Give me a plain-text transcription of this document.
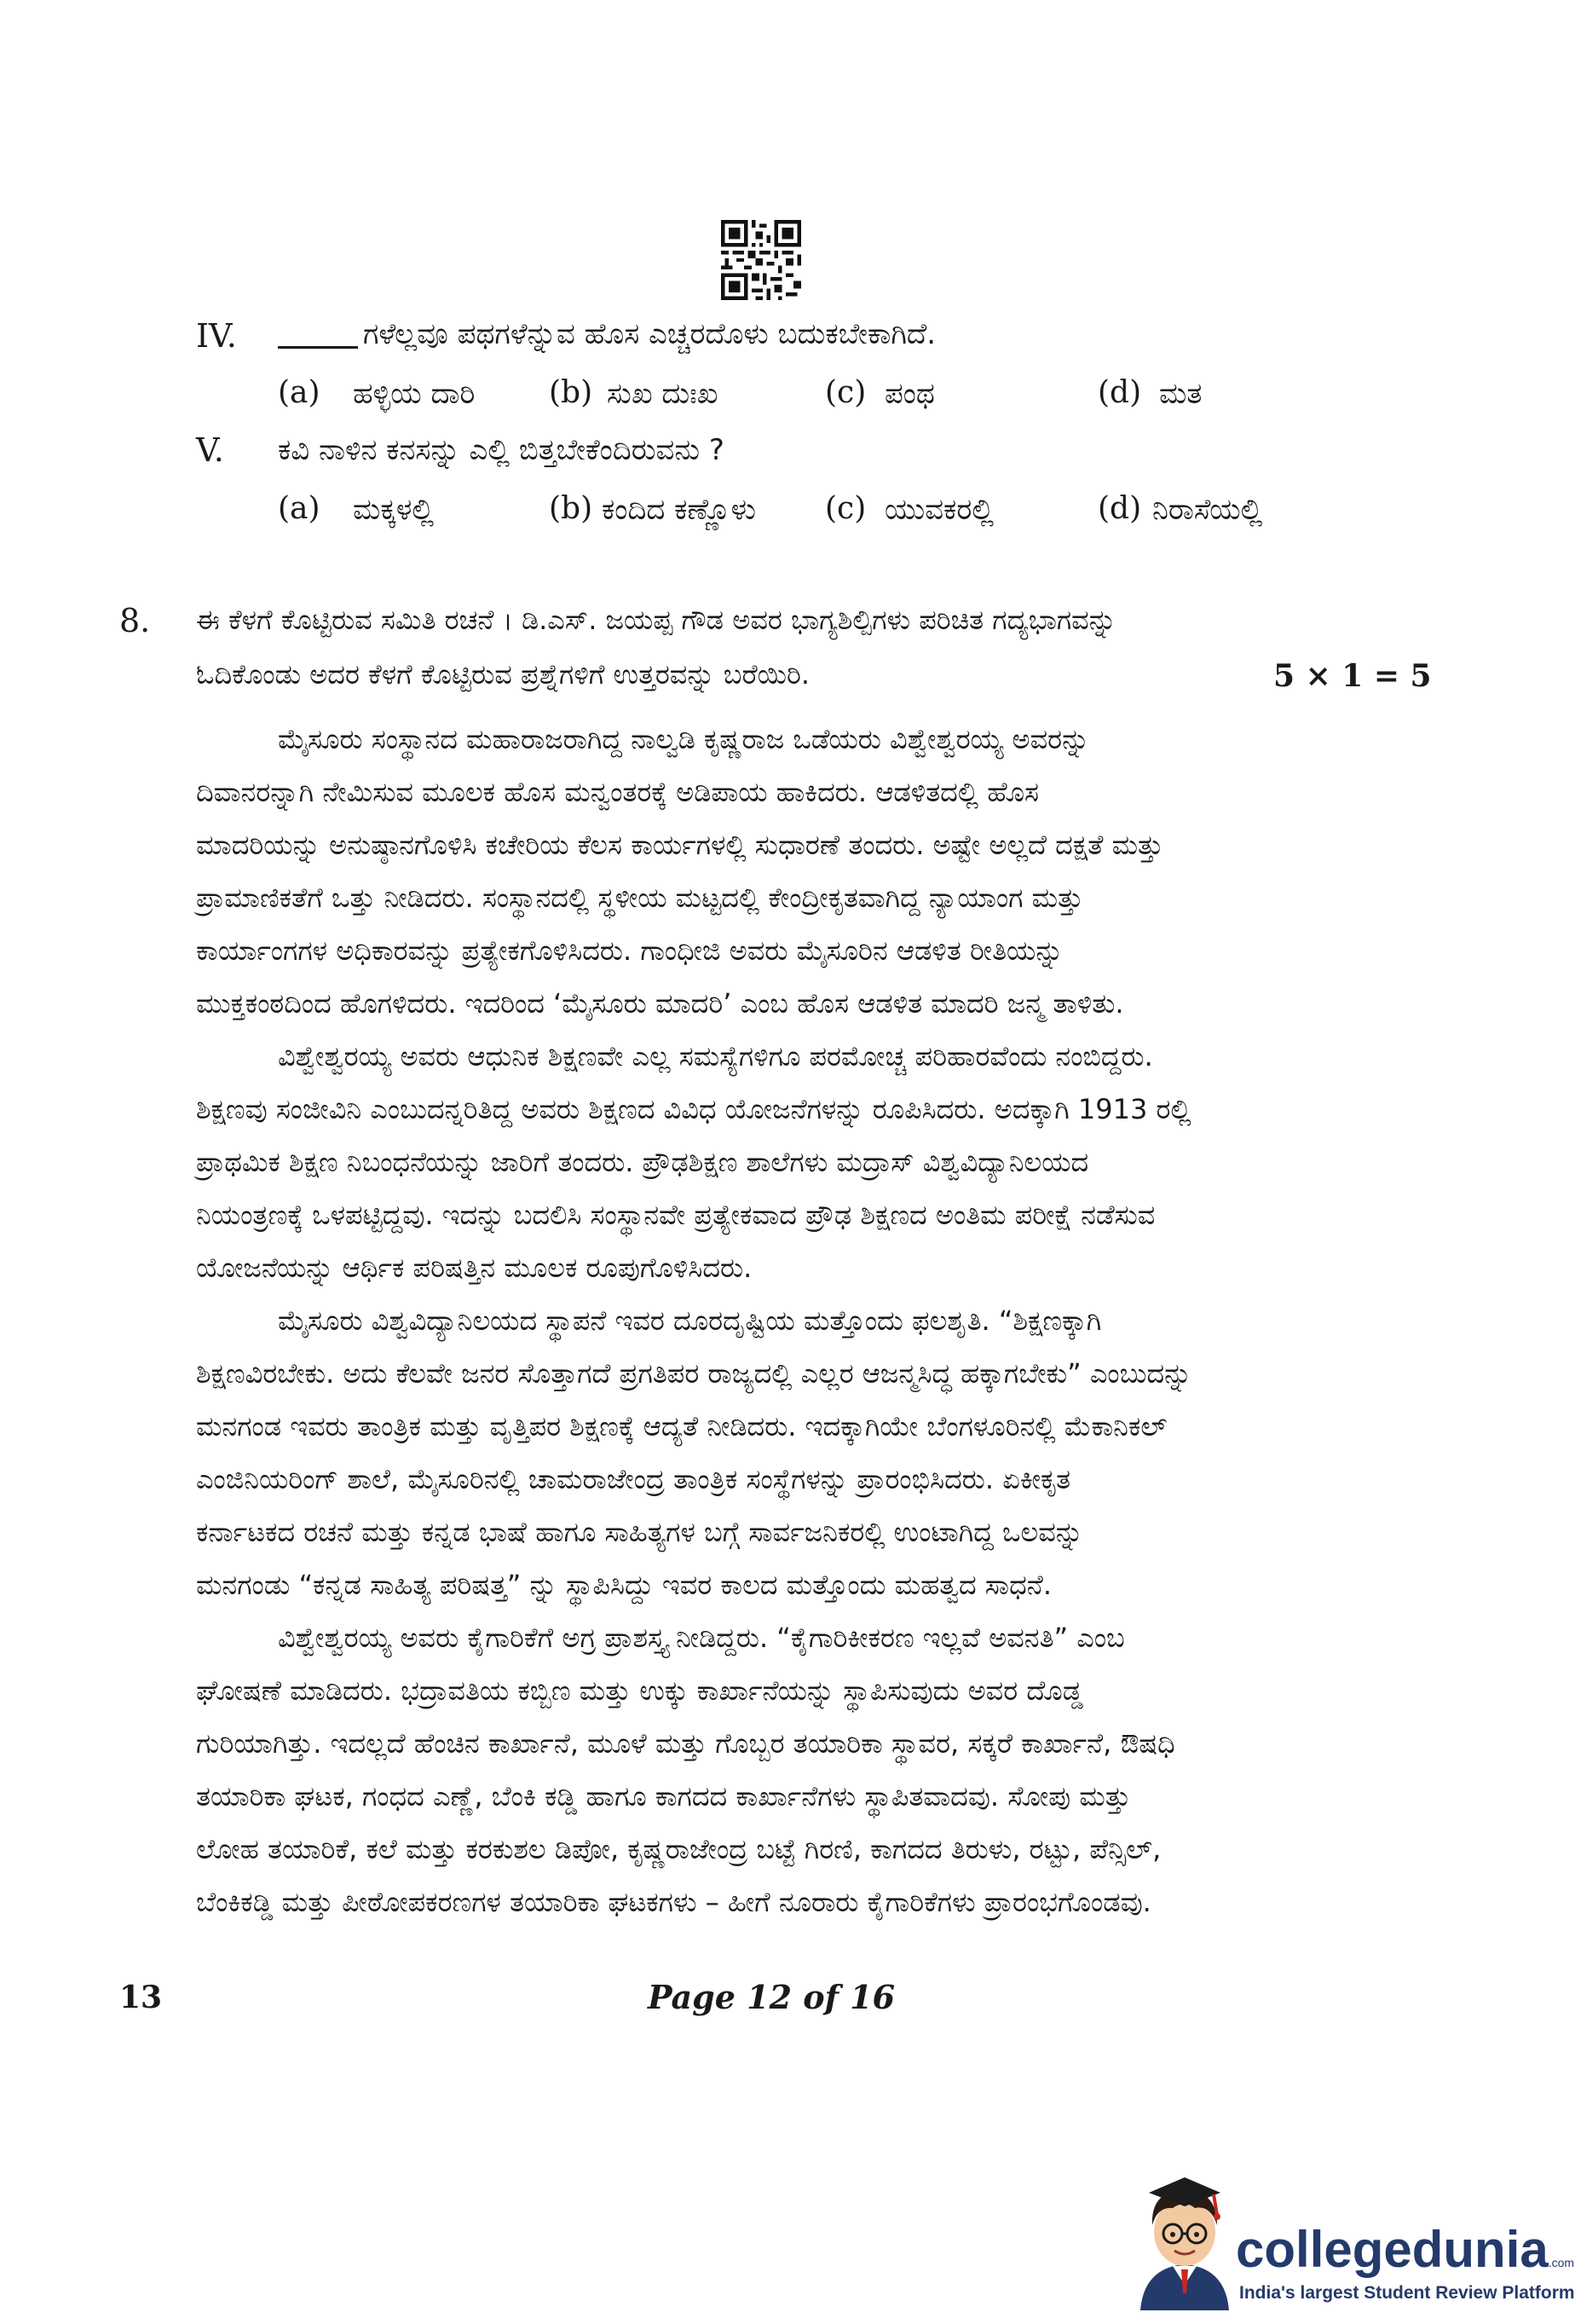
IV.	ಗಳೆಲ್ಲವೂ ಪಥಗಳೆನ್ನುವ ಹೊಸ ಎಚ್ಚರದೊಳು ಬದುಕಬೇಕಾಗಿದೆ.
(a) ಹಳ್ಳಿಯ ದಾರಿ (b) ಸುಖ ದುಃಖ	(c) ಪಂಥ	(d) ಮತ
V. ಕವಿ ನಾಳಿನ ಕನಸನ್ನು ಎಲ್ಲಿ ಬಿತ್ತಬೇಕೆಂದಿರುವನು ?
(a) ಮಕ್ಕಳಲ್ಲಿ	(b) ಕಂದಿದ ಕಣ್ಣೊಳು (c) ಯುವಕರಲ್ಲಿ	(d) ನಿರಾಸೆಯಲ್ಲಿ
8. ಈ ಕೆಳಗೆ ಕೊಟ್ಟಿರುವ ಸಮಿತಿ ರಚನೆ । ಡಿ.ಎಸ್. ಜಯಪ್ಪ ಗೌಡ ಅವರ ಭಾಗ್ಯಶಿಲ್ಪಿಗಳು ಪರಿಚಿತ ಗದ್ಯಭಾಗವನ್ನು
ಓದಿಕೊಂಡು ಅದರ ಕೆಳಗೆ ಕೊಟ್ಟಿರುವ ಪ್ರಶ್ನೆಗಳಿಗೆ ಉತ್ತರವನ್ನು ಬರೆಯಿರಿ.	5 × 1 = 5
ಮೈಸೂರು ಸಂಸ್ಥಾನದ ಮಹಾರಾಜರಾಗಿದ್ದ ನಾಲ್ವಡಿ ಕೃಷ್ಣರಾಜ ಒಡೆಯರು ವಿಶ್ವೇಶ್ವರಯ್ಯ ಅವರನ್ನು
ದಿವಾನರನ್ನಾಗಿ ನೇಮಿಸುವ ಮೂಲಕ ಹೊಸ ಮನ್ವಂತರಕ್ಕೆ ಅಡಿಪಾಯ ಹಾಕಿದರು. ಆಡಳಿತದಲ್ಲಿ ಹೊಸ
ಮಾದರಿಯನ್ನು ಅನುಷ್ಠಾನಗೊಳಿಸಿ ಕಚೇರಿಯ ಕೆಲಸ ಕಾರ್ಯಗಳಲ್ಲಿ ಸುಧಾರಣೆ ತಂದರು. ಅಷ್ಟೇ ಅಲ್ಲದೆ ದಕ್ಷತೆ ಮತ್ತು
ಪ್ರಾಮಾಣಿಕತೆಗೆ ಒತ್ತು ನೀಡಿದರು. ಸಂಸ್ಥಾನದಲ್ಲಿ ಸ್ಥಳೀಯ ಮಟ್ಟದಲ್ಲಿ ಕೇಂದ್ರೀಕೃತವಾಗಿದ್ದ ನ್ಯಾಯಾಂಗ ಮತ್ತು
ಕಾರ್ಯಾಂಗಗಳ ಅಧಿಕಾರವನ್ನು ಪ್ರತ್ಯೇಕಗೊಳಿಸಿದರು. ಗಾಂಧೀಜಿ ಅವರು ಮೈಸೂರಿನ ಆಡಳಿತ ರೀತಿಯನ್ನು
ಮುಕ್ತಕಂಠದಿಂದ ಹೊಗಳಿದರು. ಇದರಿಂದ ‘ಮೈಸೂರು ಮಾದರಿ’ ಎಂಬ ಹೊಸ ಆಡಳಿತ ಮಾದರಿ ಜನ್ಮ ತಾಳಿತು.
ವಿಶ್ವೇಶ್ವರಯ್ಯ ಅವರು ಆಧುನಿಕ ಶಿಕ್ಷಣವೇ ಎಲ್ಲ ಸಮಸ್ಯೆಗಳಿಗೂ ಪರಮೋಚ್ಚ ಪರಿಹಾರವೆಂದು ನಂಬಿದ್ದರು.
ಶಿಕ್ಷಣವು ಸಂಜೀವಿನಿ ಎಂಬುದನ್ನರಿತಿದ್ದ ಅವರು ಶಿಕ್ಷಣದ ವಿವಿಧ ಯೋಜನೆಗಳನ್ನು ರೂಪಿಸಿದರು. ಅದಕ್ಕಾಗಿ 1913 ರಲ್ಲಿ
ಪ್ರಾಥಮಿಕ ಶಿಕ್ಷಣ ನಿಬಂಧನೆಯನ್ನು ಜಾರಿಗೆ ತಂದರು. ಪ್ರೌಢಶಿಕ್ಷಣ ಶಾಲೆಗಳು ಮದ್ರಾಸ್ ವಿಶ್ವವಿದ್ಯಾನಿಲಯದ
ನಿಯಂತ್ರಣಕ್ಕೆ ಒಳಪಟ್ಟಿದ್ದವು. ಇದನ್ನು ಬದಲಿಸಿ ಸಂಸ್ಥಾನವೇ ಪ್ರತ್ಯೇಕವಾದ ಪ್ರೌಢ ಶಿಕ್ಷಣದ ಅಂತಿಮ ಪರೀಕ್ಷೆ ನಡೆಸುವ
ಯೋಜನೆಯನ್ನು ಆರ್ಥಿಕ ಪರಿಷತ್ತಿನ ಮೂಲಕ ರೂಪುಗೊಳಿಸಿದರು.
ಮೈಸೂರು ವಿಶ್ವವಿದ್ಯಾನಿಲಯದ ಸ್ಥಾಪನೆ ಇವರ ದೂರದೃಷ್ಟಿಯ ಮತ್ತೊಂದು ಫಲಶೃತಿ. “ಶಿಕ್ಷಣಕ್ಕಾಗಿ
ಶಿಕ್ಷಣವಿರಬೇಕು. ಅದು ಕೆಲವೇ ಜನರ ಸೊತ್ತಾಗದೆ ಪ್ರಗತಿಪರ ರಾಜ್ಯದಲ್ಲಿ ಎಲ್ಲರ ಆಜನ್ಮಸಿದ್ಧ ಹಕ್ಕಾಗಬೇಕು” ಎಂಬುದನ್ನು
ಮನಗಂಡ ಇವರು ತಾಂತ್ರಿಕ ಮತ್ತು ವೃತ್ತಿಪರ ಶಿಕ್ಷಣಕ್ಕೆ ಆದ್ಯತೆ ನೀಡಿದರು. ಇದಕ್ಕಾಗಿಯೇ ಬೆಂಗಳೂರಿನಲ್ಲಿ ಮೆಕಾನಿಕಲ್
ಎಂಜಿನಿಯರಿಂಗ್ ಶಾಲೆ, ಮೈಸೂರಿನಲ್ಲಿ ಚಾಮರಾಜೇಂದ್ರ ತಾಂತ್ರಿಕ ಸಂಸ್ಥೆಗಳನ್ನು ಪ್ರಾರಂಭಿಸಿದರು. ಏಕೀಕೃತ
ಕರ್ನಾಟಕದ ರಚನೆ ಮತ್ತು ಕನ್ನಡ ಭಾಷೆ ಹಾಗೂ ಸಾಹಿತ್ಯಗಳ ಬಗ್ಗೆ ಸಾರ್ವಜನಿಕರಲ್ಲಿ ಉಂಟಾಗಿದ್ದ ಒಲವನ್ನು
ಮನಗಂಡು “ಕನ್ನಡ ಸಾಹಿತ್ಯ ಪರಿಷತ್ತ” ನ್ನು ಸ್ಥಾಪಿಸಿದ್ದು ಇವರ ಕಾಲದ ಮತ್ತೊಂದು ಮಹತ್ವದ ಸಾಧನೆ.
ವಿಶ್ವೇಶ್ವರಯ್ಯ ಅವರು ಕೈಗಾರಿಕೆಗೆ ಅಗ್ರ ಪ್ರಾಶಸ್ತ್ಯ ನೀಡಿದ್ದರು. “ಕೈಗಾರಿಕೀಕರಣ ಇಲ್ಲವೆ ಅವನತಿ” ಎಂಬ
ಘೋಷಣೆ ಮಾಡಿದರು. ಭದ್ರಾವತಿಯ ಕಬ್ಬಿಣ ಮತ್ತು ಉಕ್ಕು ಕಾರ್ಖಾನೆಯನ್ನು ಸ್ಥಾಪಿಸುವುದು ಅವರ ದೊಡ್ಡ
ಗುರಿಯಾಗಿತ್ತು. ಇದಲ್ಲದೆ ಹೆಂಚಿನ ಕಾರ್ಖಾನೆ, ಮೂಳೆ ಮತ್ತು ಗೊಬ್ಬರ ತಯಾರಿಕಾ ಸ್ಥಾವರ, ಸಕ್ಕರೆ ಕಾರ್ಖಾನೆ, ಔಷಧಿ
ತಯಾರಿಕಾ ಘಟಕ, ಗಂಧದ ಎಣ್ಣೆ, ಬೆಂಕಿ ಕಡ್ಡಿ ಹಾಗೂ ಕಾಗದದ ಕಾರ್ಖಾನೆಗಳು ಸ್ಥಾಪಿತವಾದವು. ಸೋಪು ಮತ್ತು
ಲೋಹ ತಯಾರಿಕೆ, ಕಲೆ ಮತ್ತು ಕರಕುಶಲ ಡಿಪೋ, ಕೃಷ್ಣರಾಜೇಂದ್ರ ಬಟ್ಟೆ ಗಿರಣಿ, ಕಾಗದದ ತಿರುಳು, ರಟ್ಟು, ಪೆನ್ಸಿಲ್,
ಬೆಂಕಿಕಡ್ಡಿ ಮತ್ತು ಪೀಠೋಪಕರಣಗಳ ತಯಾರಿಕಾ ಘಟಕಗಳು – ಹೀಗೆ ನೂರಾರು ಕೈಗಾರಿಕೆಗಳು ಪ್ರಾರಂಭಗೊಂಡವು.
13	Page 12 of 16
collegedunia.com
India's largest Student Review Platform
